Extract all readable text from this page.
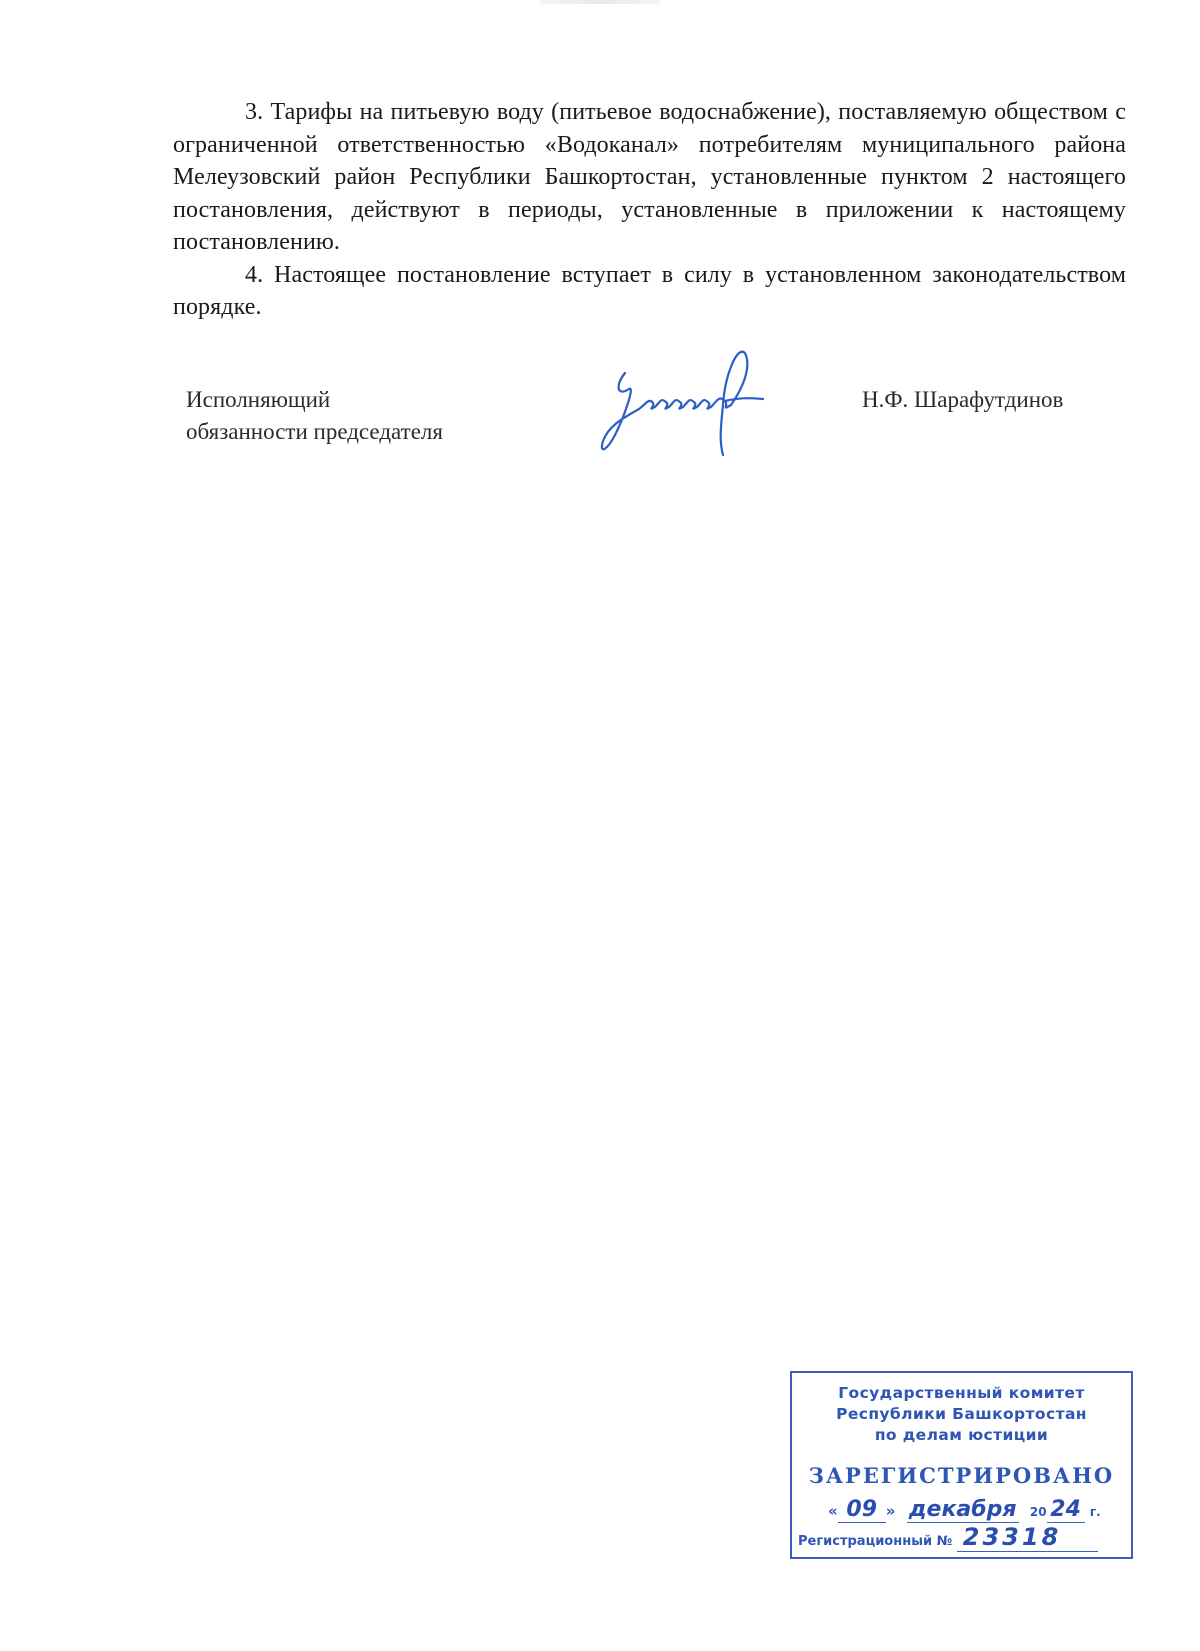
3. Тарифы на питьевую воду (питьевое водоснабжение), поставляемую обществом с ограниченной ответственностью «Водоканал» потребителям муниципального района Мелеузовский район Республики Башкортостан, установленные пунктом 2 настоящего постановления, действуют в периоды, установленные в приложении к настоящему постановлению.

4. Настоящее постановление вступает в силу в установленном законодательством порядке.

Исполняющий
обязанности председателя
Н.Ф. Шарафутдинов
Государственный комитет
Республики Башкортостан
по делам юстиции
ЗАРЕГИСТРИРОВАНО
« 09 » декабря 20 24 г.
Регистрационный № 23318
